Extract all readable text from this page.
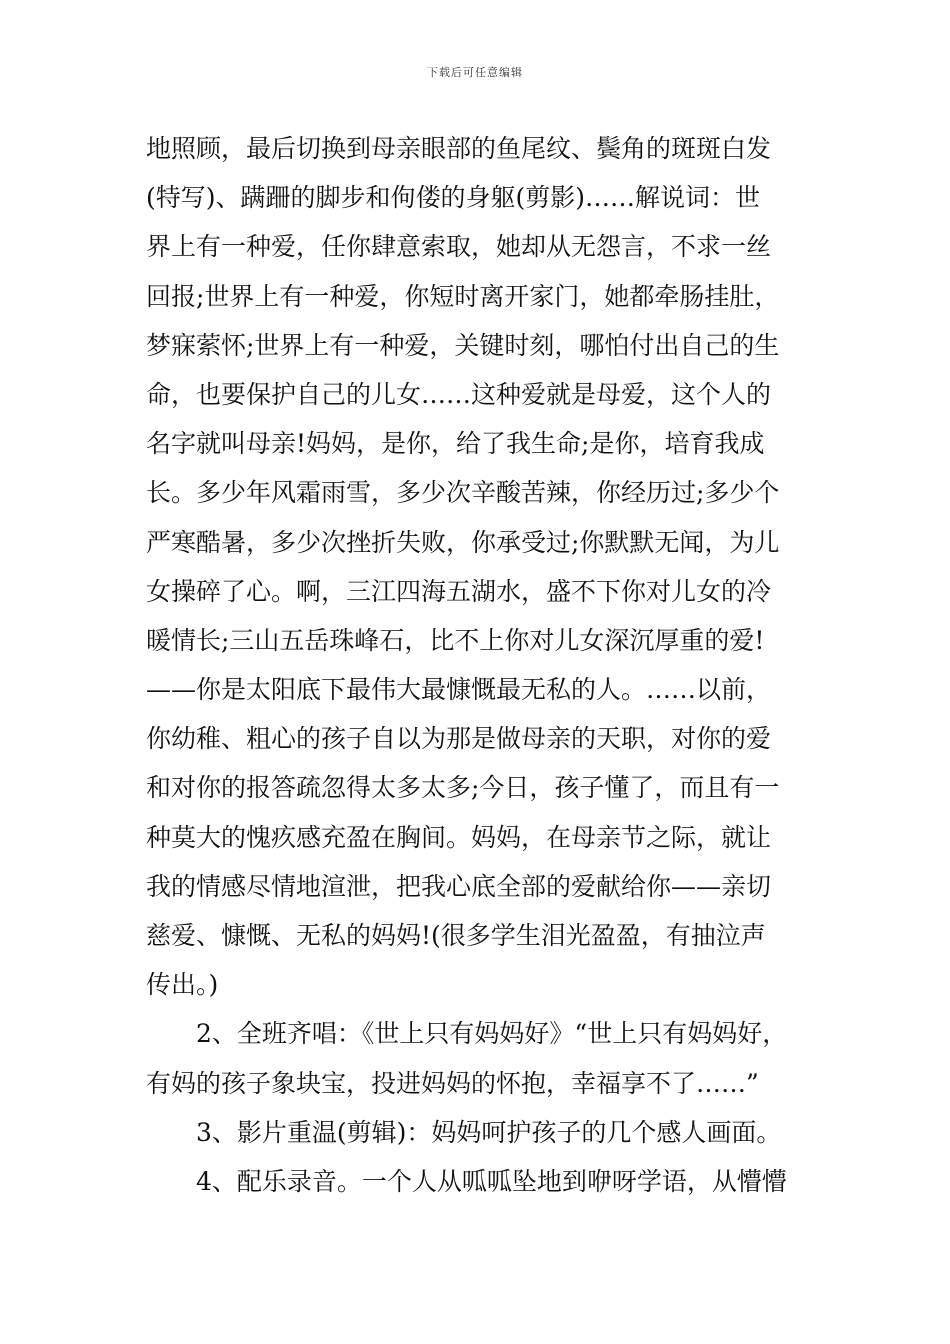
下载后可任意编辑
地照顾，最后切换到母亲眼部的鱼尾纹、鬓角的斑斑白发
(特写)、蹒跚的脚步和佝偻的身躯(剪影)……解说词：世
界上有一种爱，任你肆意索取，她却从无怨言，不求一丝
回报;世界上有一种爱，你短时离开家门，她都牵肠挂肚，
梦寐萦怀;世界上有一种爱，关键时刻，哪怕付出自己的生
命，也要保护自己的儿女……这种爱就是母爱，这个人的
名字就叫母亲!妈妈，是你，给了我生命;是你，培育我成
长。多少年风霜雨雪，多少次辛酸苦辣，你经历过;多少个
严寒酷暑，多少次挫折失败，你承受过;你默默无闻，为儿
女操碎了心。啊，三江四海五湖水，盛不下你对儿女的冷
暖情长;三山五岳珠峰石，比不上你对儿女深沉厚重的爱!
——你是太阳底下最伟大最慷慨最无私的人。……以前，
你幼稚、粗心的孩子自以为那是做母亲的天职，对你的爱
和对你的报答疏忽得太多太多;今日，孩子懂了，而且有一
种莫大的愧疚感充盈在胸间。妈妈，在母亲节之际，就让
我的情感尽情地渲泄，把我心底全部的爱献给你——亲切
慈爱、慷慨、无私的妈妈!(很多学生泪光盈盈，有抽泣声
传出。)
2、全班齐唱：《世上只有妈妈好》“世上只有妈妈好，
有妈的孩子象块宝，投进妈妈的怀抱，幸福享不了……”
3、影片重温(剪辑)：妈妈呵护孩子的几个感人画面。
4、配乐录音。一个人从呱呱坠地到咿呀学语，从懵懵
